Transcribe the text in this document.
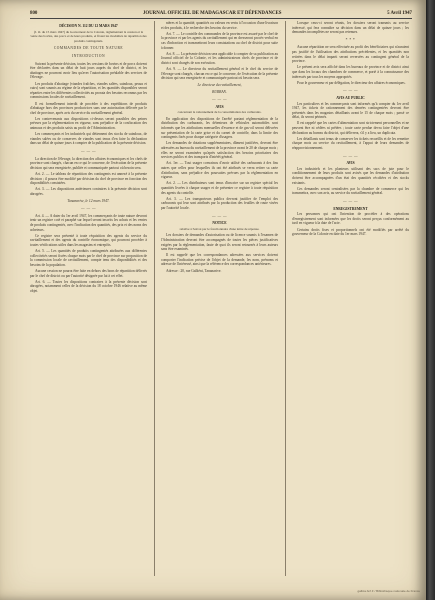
800	JOURNAL OFFICIEL DE MADAGASCAR ET DÉPENDANCES	5 Avril 1947

DÉCISION N. 112 DU 12 MARS 1947

(J. O. du 15 mars 1947) du Gouverneur de la Colonie, réglementant la cession et la vente des bovins, des porcs et de leurs produits, et fixant les modalités de répartition des produits contingentés.

COMMANDES DE TOUTE NATURE

INTRODUCTION

Suivant la présente décision, toutes les cessions de bovins et de porcs doivent être déclarées dans un délai de huit jours auprès du chef de district, et les abattages ne pourront avoir lieu qu'avec l'autorisation préalable des services de l'élevage.

Les produits d'abattage (viandes fraîches, viandes salées, saindoux, peaux et cuirs) sont soumis au régime de la répartition, et les quantités disponibles seront réparties entre les différentes collectivités au prorata des besoins reconnus par les commissions locales de ravitaillement.

Il est formellement interdit de procéder à des expéditions de produits d'abattage hors des provinces productrices sans une autorisation délivrée par le chef de province, après avis du service du ravitaillement général.

Les contrevenants aux dispositions ci-dessus seront passibles des peines prévues par la réglementation en vigueur, sans préjudice de la confiscation des animaux et des produits saisis au profit de l'Administration.

Les commerçants et les industriels qui détiennent des stocks de saindoux, de viandes salées ou de conserves de viandes sont tenus d'en faire la déclaration dans un délai de quinze jours à compter de la publication de la présente décision.

— — —

La direction de l'élevage, la direction des affaires économiques et les chefs de province sont chargés, chacun en ce qui le concerne, de l'exécution de la présente décision qui sera enregistrée, publiée et communiquée partout où besoin sera.

Art. 2. — Le tableau de répartition des contingents est annexé à la présente décision ; il pourra être modifié par décision du chef de province en fonction des disponibilités constatées.

Art. 3. — Les dispositions antérieures contraires à la présente décision sont abrogées.

Tananarive, le 12 mars 1947.

— — —

Art. 4. — A dater du 1er avril 1947, les commerçants de toute nature devront tenir un registre coté et paraphé sur lequel seront inscrits les achats et les ventes de produits contingentés, avec l'indication des quantités, des prix et des noms des acheteurs.

Ce registre sera présenté à toute réquisition des agents du service du ravitaillement et des agents du contrôle économique, qui pourront procéder à toutes vérifications utiles dans les magasins et entrepôts.

Art. 5. — Les quantités de produits contingentés attribuées aux différentes collectivités seront fixées chaque mois par le chef de province sur proposition de la commission locale de ravitaillement, compte tenu des disponibilités et des besoins de la population.

Aucune cession ne pourra être faite en dehors des bons de répartition délivrés par le chef de district ou par l'autorité désignée par lui à cet effet.

Art. 6. — Toutes les dispositions contraires à la présente décision sont abrogées, notamment celles de la décision du 18 octobre 1946 relative au même objet.

nières et la quantité, quantités ou valeurs en vertu à l'occasion d'une livraison et des produits, à le recherche des besoins du service.

Art. 7. — Le contrôle des commandes de la province est assuré par le chef de la province et par les agents du ravitaillement qui en dresseront procès-verbal en cas d'infraction et transmettront leurs constatations au chef de district pour suite à donner.

Art. 8. — La présente décision sera applicable à compter de sa publication au Journal officiel de la Colonie, et les administrateurs chefs de province et de district sont chargés de son exécution.

Art. 9. — Le directeur du ravitaillement général et le chef du service de l'élevage sont chargés, chacun en ce qui le concerne, de l'exécution de la présente décision qui sera enregistrée et communiquée partout où besoin sera.

Le directeur du ravitaillement,

BURBAN.

— — —

AVIS

concernant le rationnement de la consommation des carburants.

En application des dispositions de l'arrêté portant réglementation de la distribution des carburants, les détenteurs de véhicules automobiles sont informés que les attributions mensuelles d'essence et de gas-oil seront délivrées sur présentation de la carte grise et du carnet de contrôle, dans la limite des contingents fixés pour chaque catégorie d'usagers.

Les demandes de dotations supplémentaires, dûment justifiées, devront être adressées au bureau du ravitaillement de la province avant le 20 de chaque mois ; elles ne seront examinées qu'après satisfaction des besoins prioritaires des services publics et des transports d'intérêt général.

Art. 1er. — Tout usager convaincu d'avoir utilisé des carburants à des fins autres que celles pour lesquelles ils ont été attribués se verra retirer sa carte d'attribution, sans préjudice des poursuites prévues par la réglementation en vigueur.

Art. 2. — Les distributeurs sont tenus d'inscrire sur un registre spécial les quantités livrées à chaque usager et de présenter ce registre à toute réquisition des agents du contrôle.

Art. 3. — Les transporteurs publics devront justifier de l'emploi des carburants qui leur sont attribués par la production des feuilles de route visées par l'autorité locale.

— — —

NOTICE

relative à l'envoi par le fonctionnaire d'une lettre de réponse.

Les dossiers de demandes d'autorisation ou de licence soumis à l'examen de l'Administration devront être accompagnés de toutes les pièces justificatives exigées par la réglementation, faute de quoi ils seront retournés à leurs auteurs sans être examinés.

Il est rappelé que les correspondances adressées aux services doivent comporter l'indication précise de l'objet de la demande, les nom, prénoms et adresse de l'intéressé, ainsi que la référence des correspondances antérieures.

Adresse : 20, rue Galliéni, Tananarive.

Lorsque ceux-ci seront réunis, les dossiers seront transmis au service intéressé, qui fera connaître sa décision dans un délai de quinze jours ; les demandes incomplètes ne seront pas retenues.

* * *

Aucune répartition ne sera effectuée au profit des bénéficiaires qui n'auraient pas justifié de l'utilisation des attributions précédentes, et les quantités non retirées dans le délai imparti seront reversées au contingent général de la province.

Le présent avis sera affiché dans les bureaux de province et de district ainsi que dans les locaux des chambres de commerce, et porté à la connaissance des intéressés par tous les moyens appropriés.

Pour le gouverneur et par délégation, le directeur des affaires économiques.

— — —

AVIS AU PUBLIC

Les particuliers et les commerçants sont informés qu'à compter du 1er avril 1947, les tickets de rationnement des denrées contingentées devront être présentés dans les magasins détaillants avant le 15 de chaque mois ; passé ce délai, ils seront périmés.

Il est rappelé que les cartes d'alimentation sont strictement personnelles et ne peuvent être ni cédées ni prêtées ; toute carte perdue devra faire l'objet d'une déclaration au bureau du district, qui délivrera, s'il y a lieu, un duplicata.

Les détaillants sont tenus de conserver les tickets recueillis et de les remettre chaque mois au service du ravitaillement, à l'appui de leurs demandes de réapprovisionnement.

— — —

AVIS

Les industriels et les planteurs utilisant des sacs de jute pour le conditionnement de leurs produits sont avisés que les demandes d'attribution doivent être accompagnées d'un état des quantités récoltées et des stocks existants.

Ces demandes seront centralisées par la chambre de commerce qui les transmettra, avec son avis, au service du ravitaillement général.

— — —

ENREGISTREMENT

Les personnes qui ont l'intention de procéder à des opérations d'enregistrement sont informées que les droits seront perçus conformément au tarif en vigueur à la date de l'acte.

Certains droits fixes et proportionnels ont été modifiés par arrêté du gouverneur de la Colonie en date du 1er mars 1947.

gallica.bnf.fr / Bibliothèque nationale de France
